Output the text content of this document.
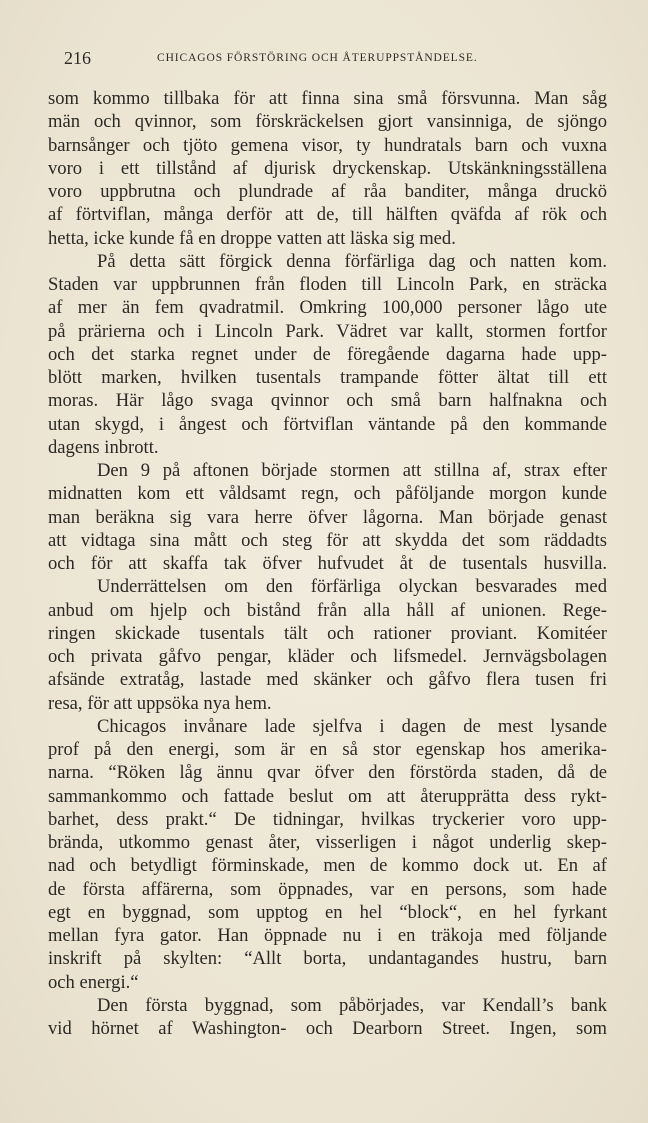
216	CHICAGOS FÖRSTÖRING OCH ÅTERUPPSTÅNDELSE.
som kommo tillbaka för att finna sina små försvunna. Man såg
män och qvinnor, som förskräckelsen gjort vansinniga, de sjöngo
barnsånger och tjöto gemena visor, ty hundratals barn och vuxna
voro i ett tillstånd af djurisk dryckenskap. Utskänkningsställena
voro uppbrutna och plundrade af råa banditer, många druckö
af förtviflan, många derför att de, till hälften qväfda af rök och
hetta, icke kunde få en droppe vatten att läska sig med.
På detta sätt förgick denna förfärliga dag och natten kom.
Staden var uppbrunnen från floden till Lincoln Park, en sträcka
af mer än fem qvadratmil. Omkring 100,000 personer lågo ute
på prärierna och i Lincoln Park. Vädret var kallt, stormen fortfor
och det starka regnet under de föregående dagarna hade upp-
blött marken, hvilken tusentals trampande fötter ältat till ett
moras. Här lågo svaga qvinnor och små barn halfnakna och
utan skygd, i ångest och förtviflan väntande på den kommande
dagens inbrott.
Den 9 på aftonen började stormen att stillna af, strax efter
midnatten kom ett våldsamt regn, och påföljande morgon kunde
man beräkna sig vara herre öfver lågorna. Man började genast
att vidtaga sina mått och steg för att skydda det som räddadts
och för att skaffa tak öfver hufvudet åt de tusentals husvilla.
Underrättelsen om den förfärliga olyckan besvarades med
anbud om hjelp och bistånd från alla håll af unionen. Rege-
ringen skickade tusentals tält och rationer proviant. Komitéer
och privata gåfvo pengar, kläder och lifsmedel. Jernvägsbolagen
afsände extratåg, lastade med skänker och gåfvo flera tusen fri
resa, för att uppsöka nya hem.
Chicagos invånare lade sjelfva i dagen de mest lysande
prof på den energi, som är en så stor egenskap hos amerika-
narna. “Röken låg ännu qvar öfver den förstörda staden, då de
sammankommo och fattade beslut om att återupprätta dess rykt-
barhet, dess prakt.“ De tidningar, hvilkas tryckerier voro upp-
brända, utkommo genast åter, visserligen i något underlig skep-
nad och betydligt förminskade, men de kommo dock ut. En af
de första affärerna, som öppnades, var en persons, som hade
egt en byggnad, som upptog en hel “block“, en hel fyrkant
mellan fyra gator. Han öppnade nu i en träkoja med följande
inskrift på skylten: “Allt borta, undantagandes hustru, barn
och energi.“
Den första byggnad, som påbörjades, var Kendall’s bank
vid hörnet af Washington- och Dearborn Street. Ingen, som
